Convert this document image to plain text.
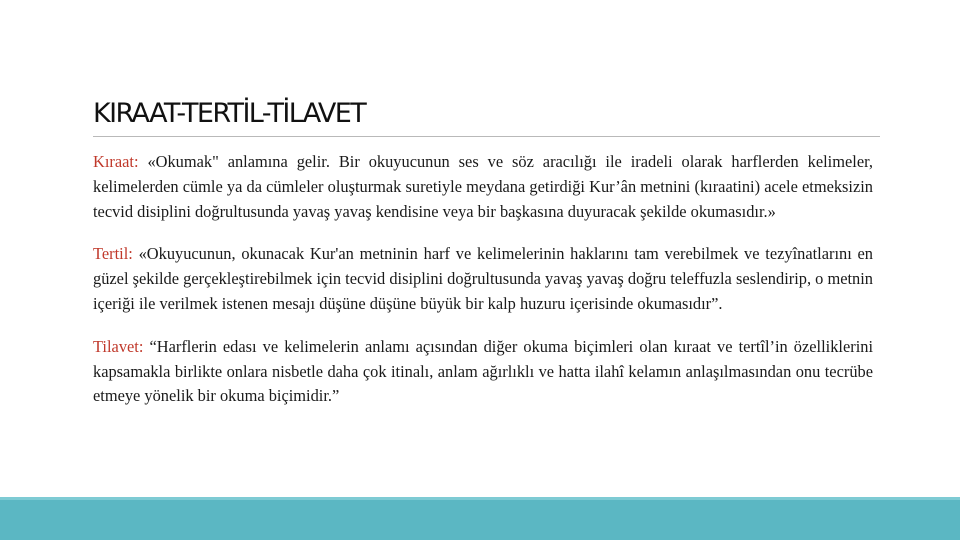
KIRAAT-TERTİL-TİLAVET

Kıraat: «Okumak" anlamına gelir. Bir okuyucunun ses ve söz aracılığı ile iradeli olarak harflerden kelimeler, kelimelerden cümle ya da cümleler oluşturmak suretiyle meydana getirdiği Kur’ân metnini (kıraatini) acele etmeksizin tecvid disiplini doğrultusunda yavaş yavaş kendisine veya bir başkasına duyuracak şekilde okumasıdır.»

Tertil: «Okuyucunun, okunacak Kur'an metninin harf ve kelimelerinin haklarını tam verebilmek ve tezyînatlarını en güzel şekilde gerçekleştirebilmek için tecvid disiplini doğrultusunda yavaş yavaş doğru teleffuzla seslendirip, o metnin içeriği ile verilmek istenen mesajı düşüne düşüne büyük bir kalp huzuru içerisinde okumasıdır”.

Tilavet: “Harflerin edası ve kelimelerin anlamı açısından diğer okuma biçimleri olan kıraat ve tertîl’in özelliklerini kapsamakla birlikte onlara nisbetle daha çok itinalı, anlam ağırlıklı ve hatta ilahî kelamın anlaşılmasından onu tecrübe etmeye yönelik bir okuma biçimidir.”
